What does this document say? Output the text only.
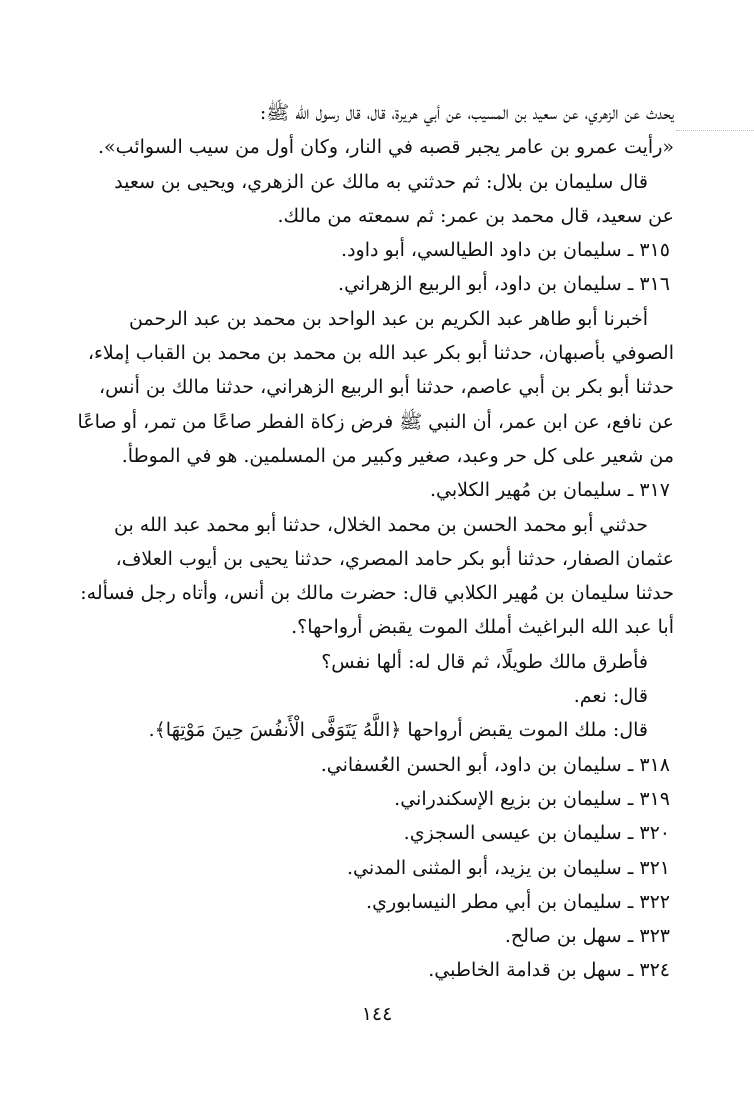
يحدث عن الزهري، عن سعيد بن المسيب، عن أبي هريرة، قال، قال رسول الله ﷺ:
«رأيت عمرو بن عامر يجبر قصبه في النار، وكان أول من سيب السوائب».
قال سليمان بن بلال: ثم حدثني به مالك عن الزهري، ويحيى بن سعيد
عن سعيد، قال محمد بن عمر: ثم سمعته من مالك.
٣١٥ ـ سليمان بن داود الطيالسي، أبو داود.
٣١٦ ـ سليمان بن داود، أبو الربيع الزهراني.
أخبرنا أبو طاهر عبد الكريم بن عبد الواحد بن محمد بن عبد الرحمن
الصوفي بأصبهان، حدثنا أبو بكر عبد الله بن محمد بن محمد بن القباب إملاء،
حدثنا أبو بكر بن أبي عاصم، حدثنا أبو الربيع الزهراني، حدثنا مالك بن أنس،
عن نافع، عن ابن عمر، أن النبي ﷺ فرض زكاة الفطر صاعًا من تمر، أو صاعًا
من شعير على كل حر وعبد، صغير وكبير من المسلمين. هو في الموطأ.
٣١٧ ـ سليمان بن مُهير الكلابي.
حدثني أبو محمد الحسن بن محمد الخلال، حدثنا أبو محمد عبد الله بن
عثمان الصفار، حدثنا أبو بكر حامد المصري، حدثنا يحيى بن أيوب العلاف،
حدثنا سليمان بن مُهير الكلابي قال: حضرت مالك بن أنس، وأتاه رجل فسأله:
أبا عبد الله البراغيث أملك الموت يقبض أرواحها؟.
فأطرق مالك طويلًا، ثم قال له: ألها نفس؟
قال: نعم.
قال: ملك الموت يقبض أرواحها ﴿اللَّهُ يَتَوَفَّى الْأَنفُسَ حِينَ مَوْتِهَا﴾.
٣١٨ ـ سليمان بن داود، أبو الحسن العُسفاني.
٣١٩ ـ سليمان بن بزيع الإسكندراني.
٣٢٠ ـ سليمان بن عيسى السجزي.
٣٢١ ـ سليمان بن يزيد، أبو المثنى المدني.
٣٢٢ ـ سليمان بن أبي مطر النيسابوري.
٣٢٣ ـ سهل بن صالح.
٣٢٤ ـ سهل بن قدامة الخاطبي.
١٤٤
